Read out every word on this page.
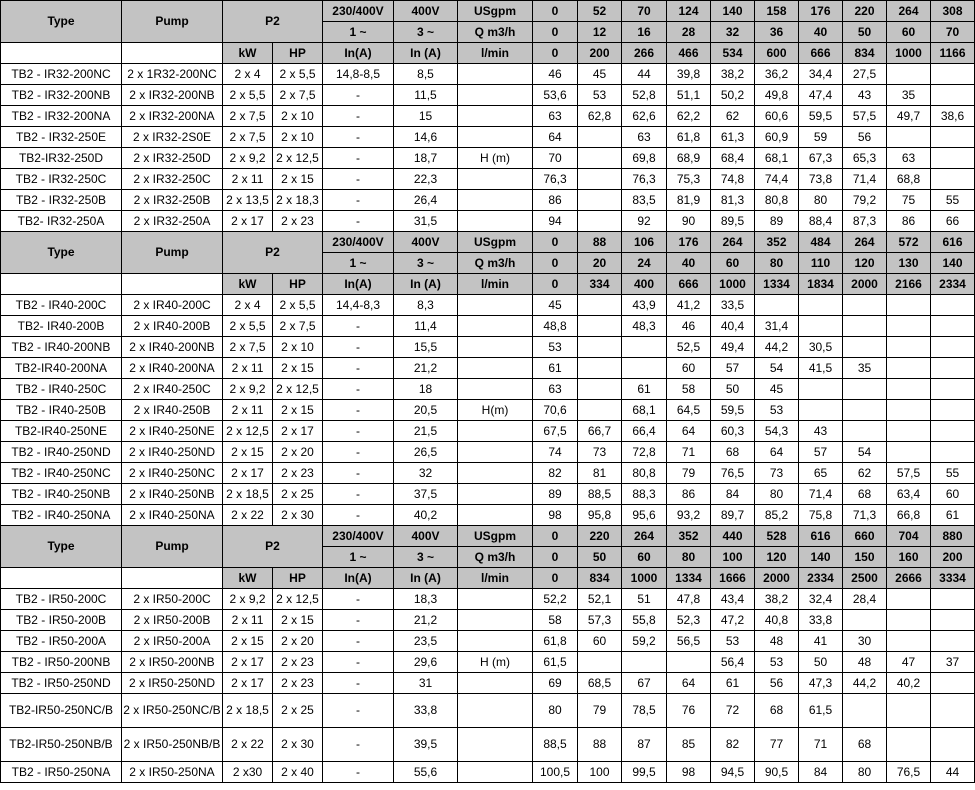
Type	Pump	P2		230/400V	400V	USgpm	0	52	70	124	140	158	176	220	264	308
				1 ~	3 ~	Q m3/h	0	12	16	28	32	36	40	50	60	70
		kW	HP	In(A)	In (A)	l/min	0	200	266	466	534	600	666	834	1000	1166
TB2 - IR32-200NC	2 x 1R32-200NC	2 x 4	2 x 5,5	14,8-8,5	8,5		46	45	44	39,8	38,2	36,2	34,4	27,5		
TB2 - IR32-200NB	2 x IR32-200NB	2 x 5,5	2 x 7,5	-	11,5		53,6	53	52,8	51,1	50,2	49,8	47,4	43	35	
TB2 - IR32-200NA	2 x IR32-200NA	2 x 7,5	2 x 10	-	15		63	62,8	62,6	62,2	62	60,6	59,5	57,5	49,7	38,6
TB2 - IR32-250E	2 x IR32-2S0E	2 x 7,5	2 x 10	-	14,6		64		63	61,8	61,3	60,9	59	56		
TB2-IR32-250D	2 x IR32-250D	2 x 9,2	2 x 12,5	-	18,7	H (m)	70		69,8	68,9	68,4	68,1	67,3	65,3	63	
TB2 - IR32-250C	2 x IR32-250C	2 x 11	2 x 15	-	22,3		76,3		76,3	75,3	74,8	74,4	73,8	71,4	68,8	
TB2 - IR32-250B	2 x IR32-250B	2 x 13,5	2 x 18,3	-	26,4		86		83,5	81,9	81,3	80,8	80	79,2	75	55
TB2- IR32-250A	2 x IR32-250A	2 x 17	2 x 23	-	31,5		94		92	90	89,5	89	88,4	87,3	86	66
Type	Pump	P2		230/400V	400V	USgpm	0	88	106	176	264	352	484	264	572	616
				1 ~	3 ~	Q m3/h	0	20	24	40	60	80	110	120	130	140
		kW	HP	In(A)	In (A)	l/min	0	334	400	666	1000	1334	1834	2000	2166	2334
TB2 - IR40-200C	2 x IR40-200C	2 x 4	2 x 5,5	14,4-8,3	8,3		45		43,9	41,2	33,5					
TB2- IR40-200B	2 x IR40-200B	2 x 5,5	2 x 7,5	-	11,4		48,8		48,3	46	40,4	31,4				
TB2 - IR40-200NB	2 x IR40-200NB	2 x 7,5	2 x 10	-	15,5		53			52,5	49,4	44,2	30,5			
TB2-IR40-200NA	2 x IR40-200NA	2 x 11	2 x 15	-	21,2		61			60	57	54	41,5	35		
TB2 - IR40-250C	2 x IR40-250C	2 x 9,2	2 x 12,5	-	18		63		61	58	50	45				
TB2 - IR40-250B	2 x IR40-250B	2 x 11	2 x 15	-	20,5	H(m)	70,6		68,1	64,5	59,5	53				
TB2-IR40-250NE	2 x IR40-250NE	2 x 12,5	2 x 17	-	21,5		67,5	66,7	66,4	64	60,3	54,3	43			
TB2 - IR40-250ND	2 x IR40-250ND	2 x 15	2 x 20	-	26,5		74	73	72,8	71	68	64	57	54		
TB2 - IR40-250NC	2 x IR40-250NC	2 x 17	2 x 23	-	32		82	81	80,8	79	76,5	73	65	62	57,5	55
TB2 - IR40-250NB	2 x IR40-250NB	2 x 18,5	2 x 25	-	37,5		89	88,5	88,3	86	84	80	71,4	68	63,4	60
TB2 - IR40-250NA	2 x IR40-250NA	2 x 22	2 x 30	-	40,2		98	95,8	95,6	93,2	89,7	85,2	75,8	71,3	66,8	61
Type	Pump	P2		230/400V	400V	USgpm	0	220	264	352	440	528	616	660	704	880
				1 ~	3 ~	Q m3/h	0	50	60	80	100	120	140	150	160	200
		kW	HP	In(A)	In (A)	l/min	0	834	1000	1334	1666	2000	2334	2500	2666	3334
TB2 - IR50-200C	2 x IR50-200C	2 x 9,2	2 x 12,5	-	18,3		52,2	52,1	51	47,8	43,4	38,2	32,4	28,4		
TB2 - IR50-200B	2 x IR50-200B	2 x 11	2 x 15	-	21,2		58	57,3	55,8	52,3	47,2	40,8	33,8			
TB2 - IR50-200A	2 x IR50-200A	2 x 15	2 x 20	-	23,5		61,8	60	59,2	56,5	53	48	41	30		
TB2 - IR50-200NB	2 x IR50-200NB	2 x 17	2 x 23	-	29,6	H (m)	61,5				56,4	53	50	48	47	37
TB2 - IR50-250ND	2 x IR50-250ND	2 x 17	2 x 23	-	31		69	68,5	67	64	61	56	47,3	44,2	40,2	
TB2-IR50-250NC/B	2 x IR50-250NC/B	2 x 18,5	2 x 25	-	33,8		80	79	78,5	76	72	68	61,5			
TB2-IR50-250NB/B	2 x IR50-250NB/B	2 x 22	2 x 30	-	39,5		88,5	88	87	85	82	77	71	68		
TB2 - IR50-250NA	2 x IR50-250NA	2 x30	2 x 40	-	55,6		100,5	100	99,5	98	94,5	90,5	84	80	76,5	44
